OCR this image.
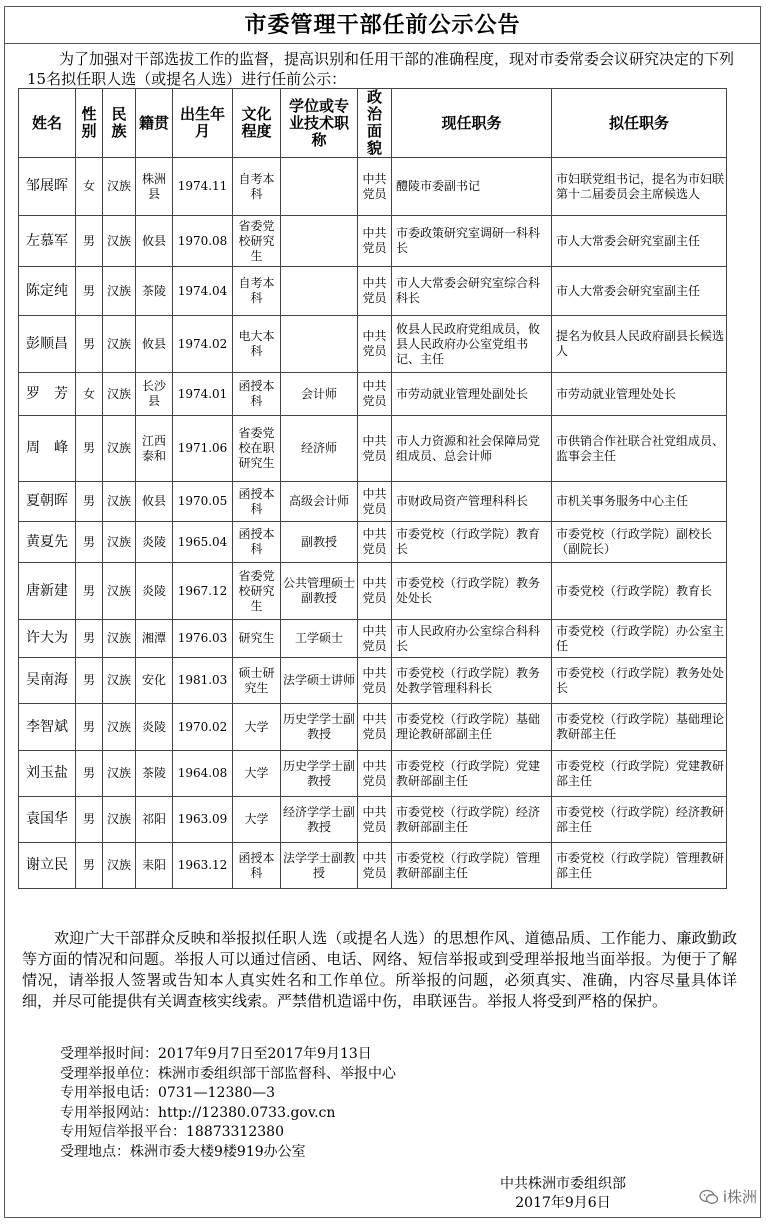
市委管理干部任前公示公告
为了加强对干部选拔工作的监督，提高识别和任用干部的准确程度，现对市委常委会议研究决定的下列15名拟任职人选（或提名人选）进行任前公示：
姓名	性别	民族	籍贯	出生年月	文化程度	学位或专业技术职称	政治面貌	现任职务	拟任职务
邹展晖	女	汉族	株洲县	1974.11	自考本科		中共党员	醴陵市委副书记	市妇联党组书记，提名为市妇联第十二届委员会主席候选人
左慕军	男	汉族	攸县	1970.08	省委党校研究生		中共党员	市委政策研究室调研一科科长	市人大常委会研究室副主任
陈定纯	男	汉族	茶陵	1974.04	自考本科		中共党员	市人大常委会研究室综合科科长	市人大常委会研究室副主任
彭顺昌	男	汉族	攸县	1974.02	电大本科		中共党员	攸县人民政府党组成员，攸县人民政府办公室党组书记、主任	提名为攸县人民政府副县长候选人
罗　芳	女	汉族	长沙县	1974.01	函授本科	会计师	中共党员	市劳动就业管理处副处长	市劳动就业管理处处长
周　峰	男	汉族	江西泰和	1971.06	省委党校在职研究生	经济师	中共党员	市人力资源和社会保障局党组成员、总会计师	市供销合作社联合社党组成员、监事会主任
夏朝晖	男	汉族	攸县	1970.05	函授本科	高级会计师	中共党员	市财政局资产管理科科长	市机关事务服务中心主任
黄夏先	男	汉族	炎陵	1965.04	函授本科	副教授	中共党员	市委党校（行政学院）教育长	市委党校（行政学院）副校长（副院长）
唐新建	男	汉族	炎陵	1967.12	省委党校研究生	公共管理硕士副教授	中共党员	市委党校（行政学院）教务处处长	市委党校（行政学院）教育长
许大为	男	汉族	湘潭	1976.03	研究生	工学硕士	中共党员	市人民政府办公室综合科科长	市委党校（行政学院）办公室主任
吴南海	男	汉族	安化	1981.03	硕士研究生	法学硕士讲师	中共党员	市委党校（行政学院）教务处教学管理科科长	市委党校（行政学院）教务处处长
李智斌	男	汉族	炎陵	1970.02	大学	历史学学士副教授	中共党员	市委党校（行政学院）基础理论教研部副主任	市委党校（行政学院）基础理论教研部主任
刘玉盐	男	汉族	茶陵	1964.08	大学	历史学学士副教授	中共党员	市委党校（行政学院）党建教研部副主任	市委党校（行政学院）党建教研部主任
袁国华	男	汉族	祁阳	1963.09	大学	经济学学士副教授	中共党员	市委党校（行政学院）经济教研部副主任	市委党校（行政学院）经济教研部主任
谢立民	男	汉族	耒阳	1963.12	函授本科	法学学士副教授	中共党员	市委党校（行政学院）管理教研部副主任	市委党校（行政学院）管理教研部主任
欢迎广大干部群众反映和举报拟任职人选（或提名人选）的思想作风、道德品质、工作能力、廉政勤政等方面的情况和问题。举报人可以通过信函、电话、网络、短信举报或到受理举报地当面举报。为便于了解情况，请举报人签署或告知本人真实姓名和工作单位。所举报的问题，必须真实、准确，内容尽量具体详细，并尽可能提供有关调查核实线索。严禁借机造谣中伤，串联诬告。举报人将受到严格的保护。
受理举报时间：2017年9月7日至2017年9月13日
受理举报单位：株洲市委组织部干部监督科、举报中心
专用举报电话：0731—12380—3
专用举报网站：http://12380.0733.gov.cn
专用短信举报平台：18873312380
受理地点：株洲市委大楼9楼919办公室
中共株洲市委组织部
2017年9月6日	i株洲
